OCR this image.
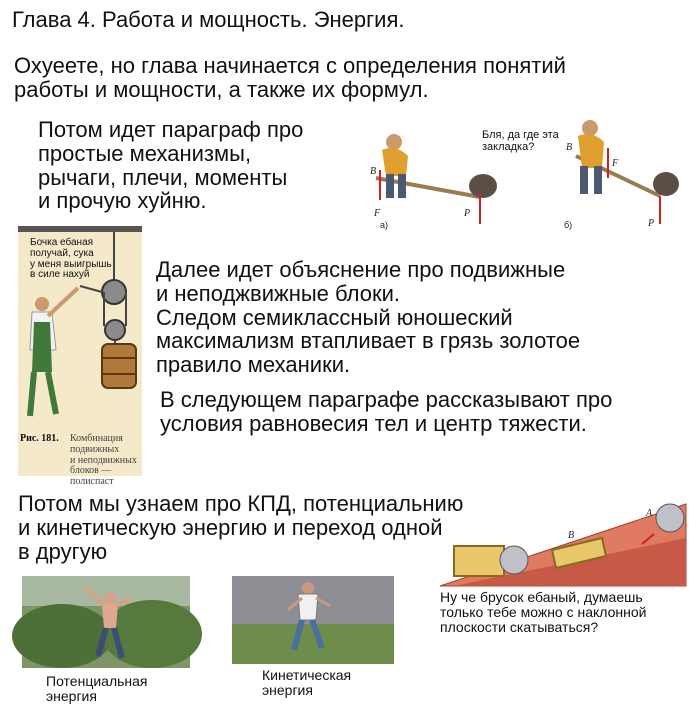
Глава 4. Работа и мощность. Энергия.
Охуеете, но глава начинается с определения понятий
работы и мощности, а также их формул.
Потом идет параграф про
простые механизмы,
рычаги, плечи, моменты
и прочую хуйню.
B
F⃗	P⃗
а)
B
F⃗
P⃗
б)
Бля, да где эта
закладка?
Бочка ебаная
получай, сука
у меня выигрышь
в силе нахуй
Рис. 181. Комбинация
подвижных
и неподвижных
блоков — полиспаст
Далее идет объяснение про подвижные
и неподжвижные блоки.
Следом семиклассный юношеский
максимализм втапливает в грязь золотое
правило механики.
В следующем параграфе рассказывают про
условия равновесия тел и центр тяжести.
Потом мы узнаем про КПД, потенциальнию
и кинетическую энергию и переход одной
в другую
A
B
Ну че брусок ебаный, думаешь
только тебе можно с наклонной
плоскости скатываться?
Потенциальная
энергия
Кинетическая
энергия
